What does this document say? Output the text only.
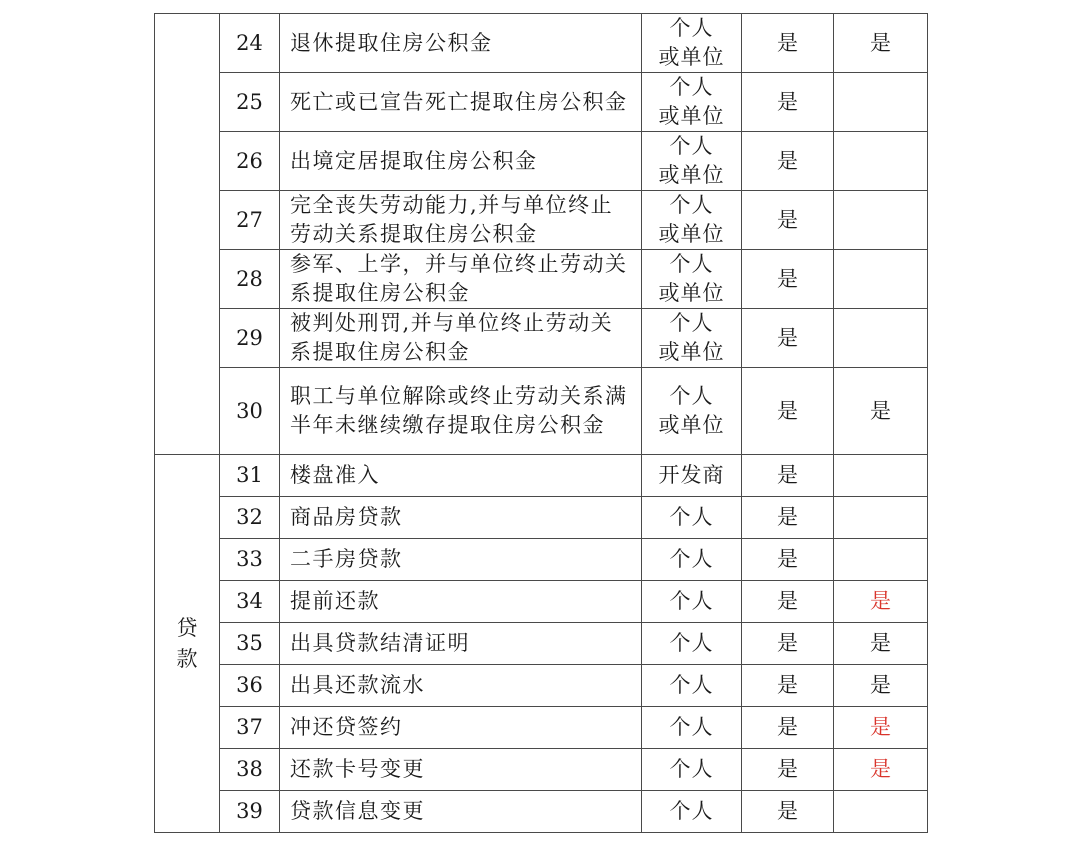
	24	退休提取住房公积金	个人
或单位	是	是
	25	死亡或已宣告死亡提取住房公积金	个人
或单位	是	
	26	出境定居提取住房公积金	个人
或单位	是	
	27	完全丧失劳动能力,并与单位终止劳动关系提取住房公积金	个人
或单位	是	
	28	参军、上学，并与单位终止劳动关系提取住房公积金	个人
或单位	是	
	29	被判处刑罚,并与单位终止劳动关系提取住房公积金	个人
或单位	是	
	30	职工与单位解除或终止劳动关系满半年未继续缴存提取住房公积金	个人
或单位	是	是
贷款	31	楼盘准入	开发商	是	
	32	商品房贷款	个人	是	
	33	二手房贷款	个人	是	
	34	提前还款	个人	是	是
	35	出具贷款结清证明	个人	是	是
	36	出具还款流水	个人	是	是
	37	冲还贷签约	个人	是	是
	38	还款卡号变更	个人	是	是
	39	贷款信息变更	个人	是	
